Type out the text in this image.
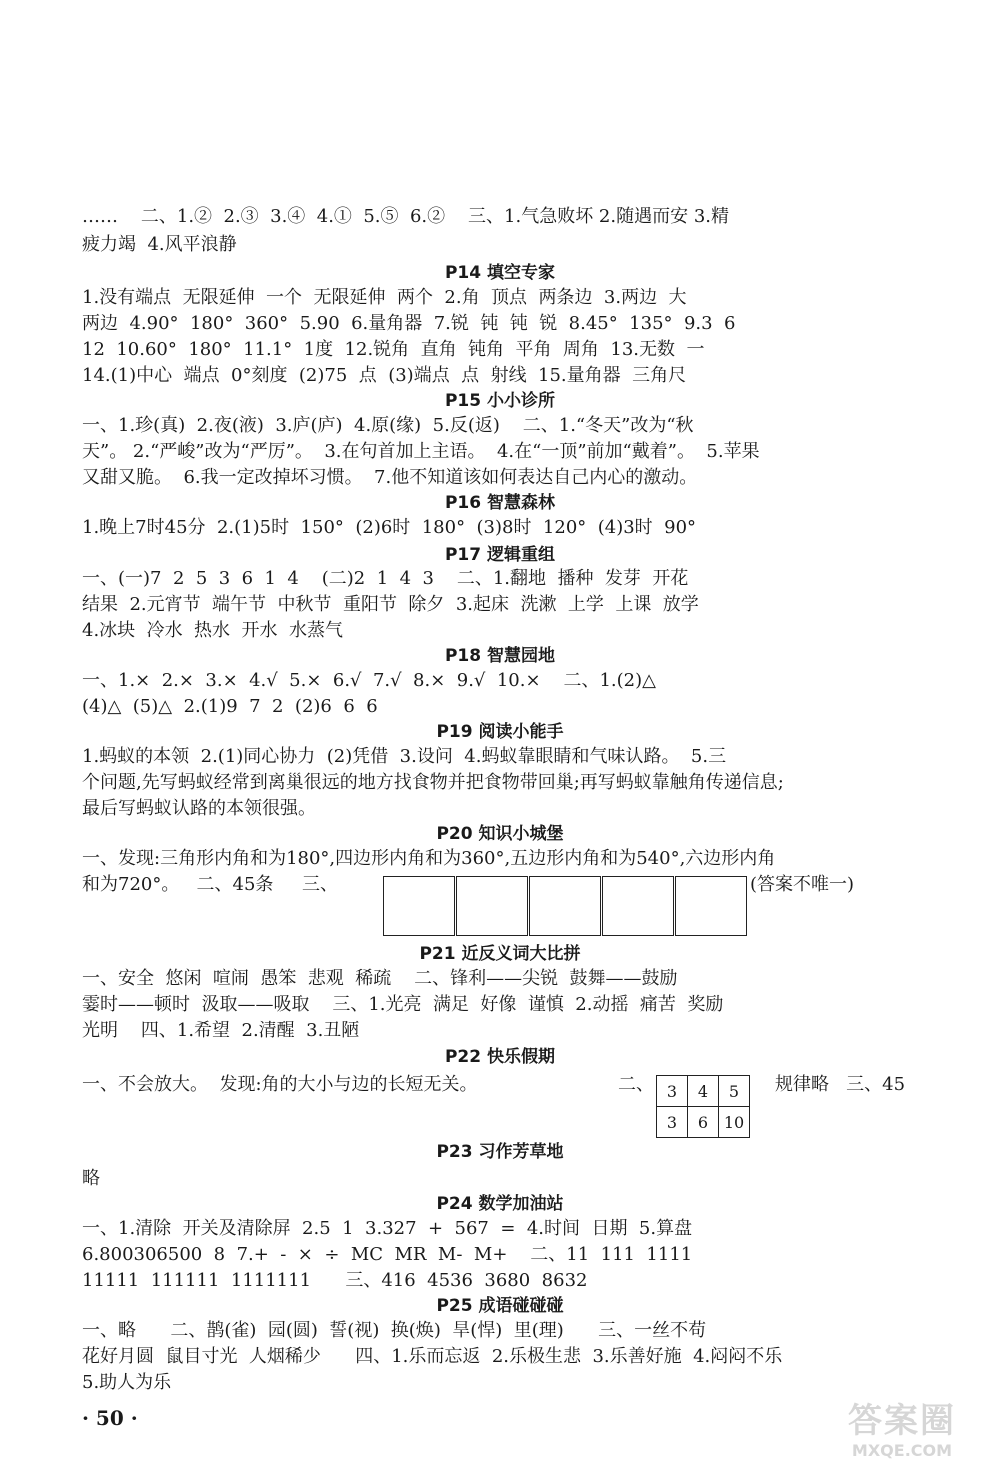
……    二、1.②  2.③  3.④  4.①  5.⑤  6.②    三、1.气急败坏 2.随遇而安 3.精
疲力竭  4.风平浪静
P14 填空专家
1.没有端点  无限延伸  一个  无限延伸  两个  2.角  顶点  两条边  3.两边  大
两边  4.90°  180°  360°  5.90  6.量角器  7.锐  钝  钝  锐  8.45°  135°  9.3  6
12  10.60°  180°  11.1°  1度  12.锐角  直角  钝角  平角  周角  13.无数  一
14.(1)中心  端点  0°刻度  (2)75  点  (3)端点  点  射线  15.量角器  三角尺
P15 小小诊所
一、1.珍(真)  2.夜(液)  3.庐(庐)  4.原(缘)  5.反(返)    二、1.“冬天”改为“秋
天”。 2.“严峻”改为“严厉”。  3.在句首加上主语。  4.在“一顶”前加“戴着”。  5.苹果
又甜又脆。  6.我一定改掉坏习惯。  7.他不知道该如何表达自己内心的激动。
P16 智慧森林
1.晚上7时45分  2.(1)5时  150°  (2)6时  180°  (3)8时  120°  (4)3时  90°
P17 逻辑重组
一、(一)7  2  5  3  6  1  4    (二)2  1  4  3    二、1.翻地  播种  发芽  开花
结果  2.元宵节  端午节  中秋节  重阳节  除夕  3.起床  洗漱  上学  上课  放学
4.冰块  冷水  热水  开水  水蒸气
P18 智慧园地
一、1.×  2.×  3.×  4.√  5.×  6.√  7.√  8.×  9.√  10.×    二、1.(2)△
(4)△  (5)△  2.(1)9  7  2  (2)6  6  6
P19 阅读小能手
1.蚂蚁的本领  2.(1)同心协力  (2)凭借  3.设问  4.蚂蚁靠眼睛和气味认路。  5.三
个问题,先写蚂蚁经常到离巢很远的地方找食物并把食物带回巢;再写蚂蚁靠触角传递信息;
最后写蚂蚁认路的本领很强。
P20 知识小城堡
一、发现:三角形内角和为180°,四边形内角和为360°,五边形内角和为540°,六边形内角
和为720°。   二、45条     三、	(答案不唯一)
P21 近反义词大比拼
一、安全  悠闲  喧闹  愚笨  悲观  稀疏    二、锋利——尖锐  鼓舞——鼓励
霎时——顿时  汲取——吸取    三、1.光亮  满足  好像  谨慎  2.动摇  痛苦  奖励
光明    四、1.希望  2.清醒  3.丑陋
P22 快乐假期
一、不会放大。  发现:角的大小与边的长短无关。	二、 3	4	5
3	6	10
规律略   三、45
P23 习作芳草地
略
P24 数学加油站
一、1.清除  开关及清除屏  2.5  1  3.327  +  567  =  4.时间  日期  5.算盘
6.800306500  8  7.+  -  ×  ÷  MC  MR  M-  M+    二、11  111  1111
11111  111111  1111111      三、416  4536  3680  8632
P25 成语碰碰碰
一、略      二、鹊(雀)  园(圆)  誓(视)  换(焕)  旱(悍)  里(理)      三、一丝不苟
花好月圆  鼠目寸光  人烟稀少      四、1.乐而忘返  2.乐极生悲  3.乐善好施  4.闷闷不乐
5.助人为乐
· 50 ·	答案圈
MXQE.COM
